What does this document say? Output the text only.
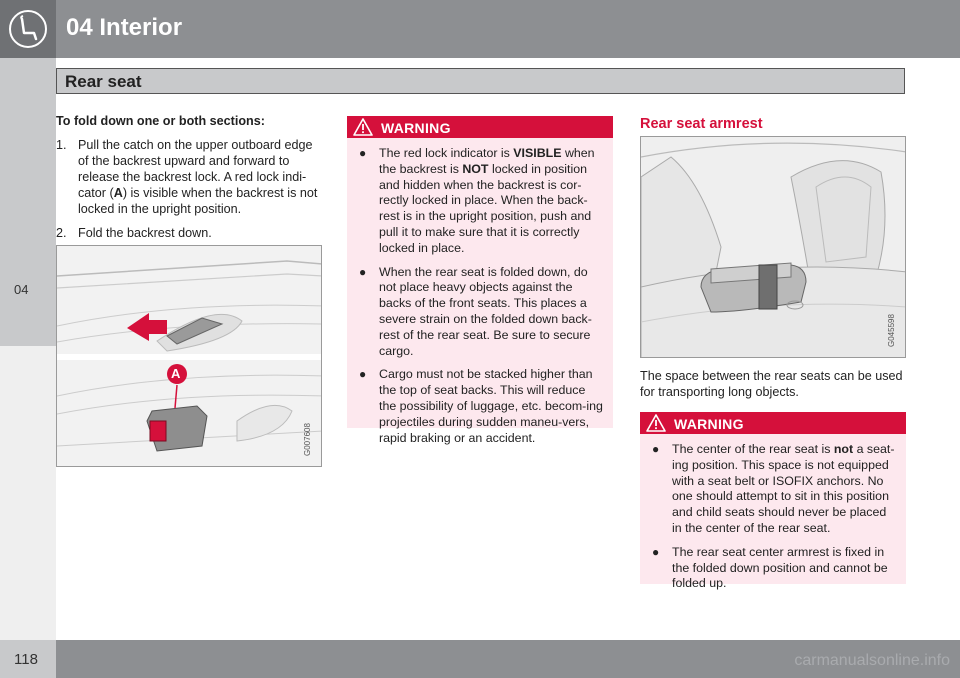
04 Interior
Rear seat
04
To fold down one or both sections:
1. Pull the catch on the upper outboard edge of the backrest upward and forward to release the backrest lock. A red lock indi-cator (A) is visible when the backrest is not locked in the upright position.
2. Fold the backrest down.
A
G007608
WARNING
● The red lock indicator is VISIBLE when the backrest is NOT locked in position and hidden when the backrest is cor-rectly locked in place. When the back-rest is in the upright position, push and pull it to make sure that it is correctly locked in place.
● When the rear seat is folded down, do not place heavy objects against the backs of the front seats. This places a severe strain on the folded down back-rest of the rear seat. Be sure to secure cargo.
● Cargo must not be stacked higher than the top of seat backs. This will reduce the possibility of luggage, etc. becom-ing projectiles during sudden maneu-vers, rapid braking or an accident.
Rear seat armrest
G045598
The space between the rear seats can be used for transporting long objects.
WARNING
● The center of the rear seat is not a seat-ing position. This space is not equipped with a seat belt or ISOFIX anchors. No one should attempt to sit in this position and child seats should never be placed in the center of the rear seat.
● The rear seat center armrest is fixed in the folded down position and cannot be folded up.
118	carmanualsonline.info
